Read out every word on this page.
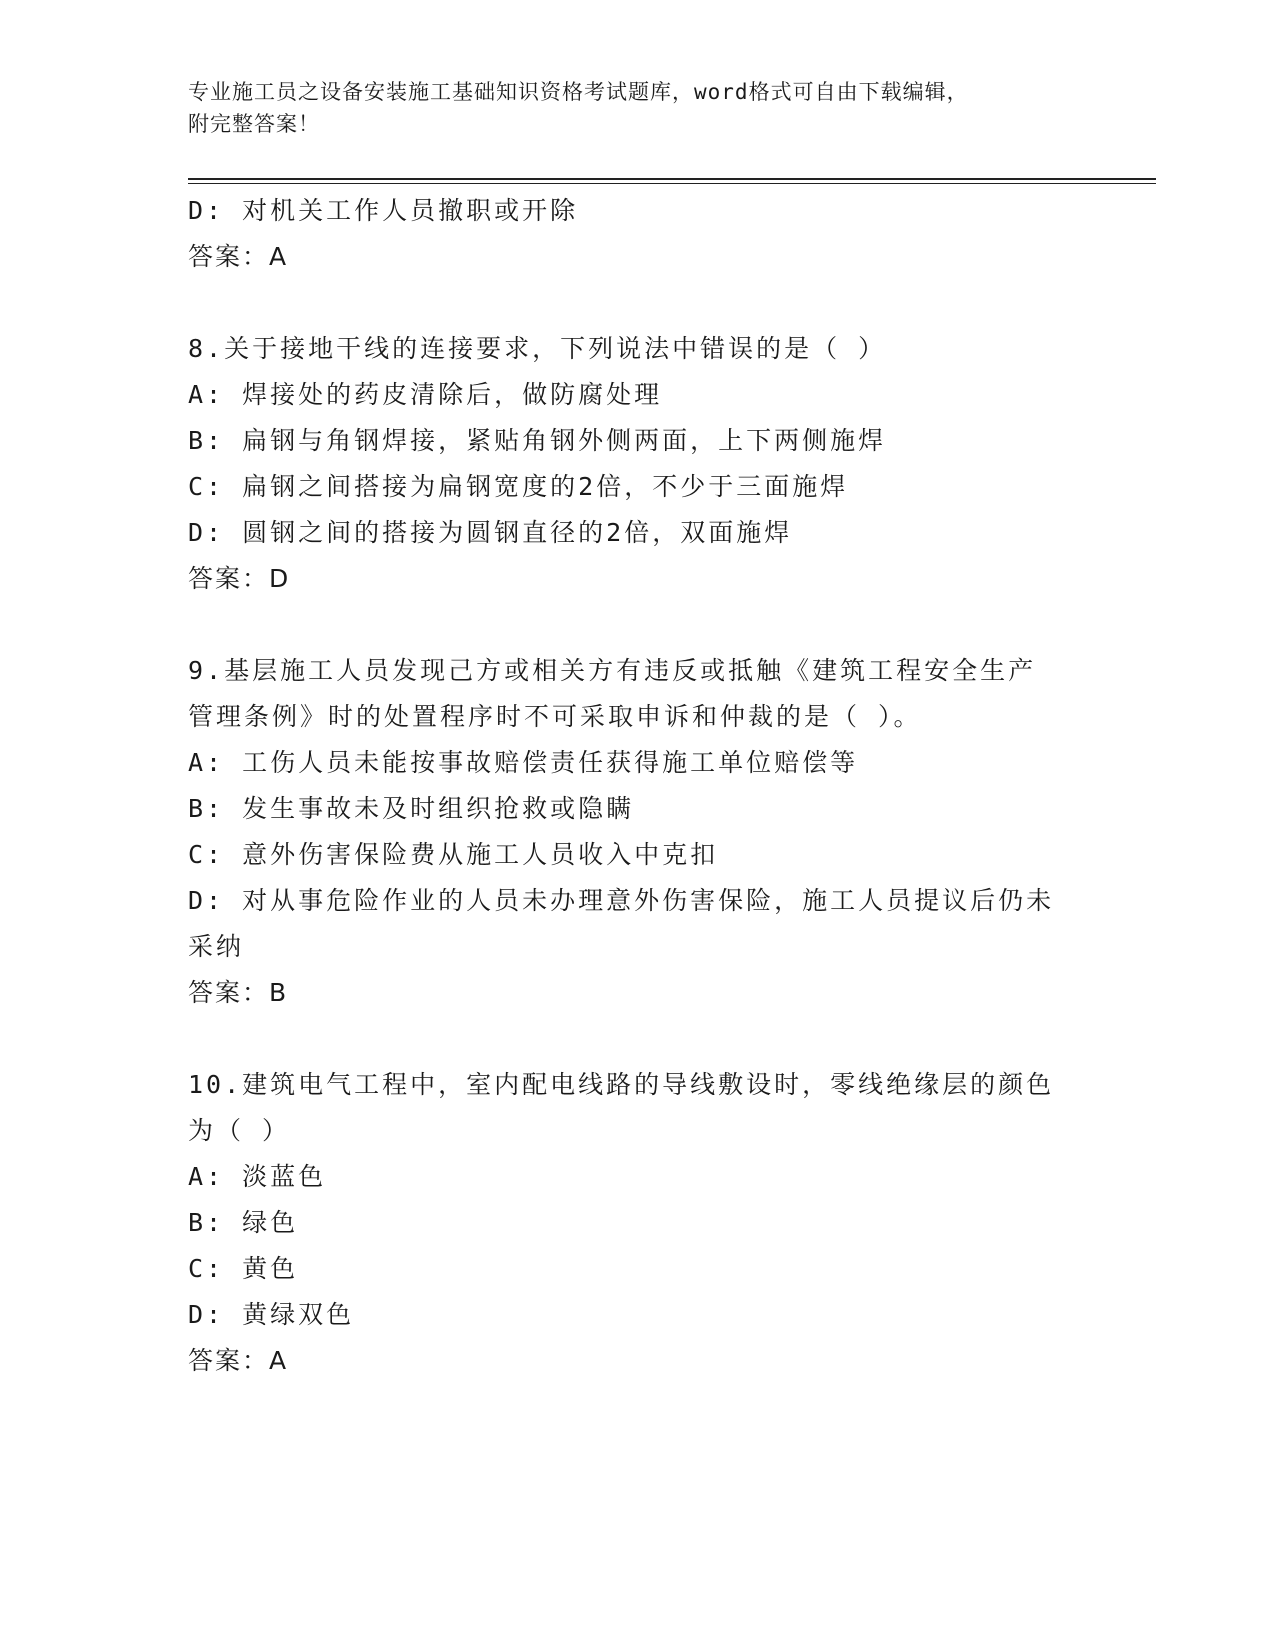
专业施工员之设备安装施工基础知识资格考试题库，word格式可自由下载编辑，
附完整答案！
D: 对机关工作人员撤职或开除
答案：A
8.关于接地干线的连接要求，下列说法中错误的是（ ）
A: 焊接处的药皮清除后，做防腐处理
B: 扁钢与角钢焊接，紧贴角钢外侧两面，上下两侧施焊
C: 扁钢之间搭接为扁钢宽度的2倍，不少于三面施焊
D: 圆钢之间的搭接为圆钢直径的2倍，双面施焊
答案：D
9.基层施工人员发现己方或相关方有违反或抵触《建筑工程安全生产
管理条例》时的处置程序时不可采取申诉和仲裁的是（ ）。
A: 工伤人员未能按事故赔偿责任获得施工单位赔偿等
B: 发生事故未及时组织抢救或隐瞒
C: 意外伤害保险费从施工人员收入中克扣
D: 对从事危险作业的人员未办理意外伤害保险，施工人员提议后仍未
采纳
答案：B
10.建筑电气工程中，室内配电线路的导线敷设时，零线绝缘层的颜色
为（ ）
A: 淡蓝色
B: 绿色
C: 黄色
D: 黄绿双色
答案：A
